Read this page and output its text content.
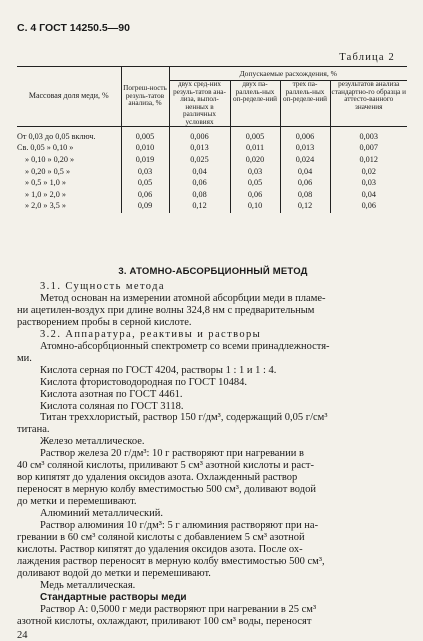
С. 4 ГОСТ 14250.5—90
Таблица 2
Массовая доля меди, %	Погреш-ность резуль-татов анализа, %	Допускаемые расхождения, %			
		двух сред-них резуль-татов ана-лиза, выпол-ненных в различных условиях	двух па-раллель-ных оп-ределе-ний	трех па-раллель-ных оп-ределе-ний	результатов анализа стандартно-го образца и аттесто-ванного значения
От 0,03 до 0,05 включ.	0,005	0,006	0,005	0,006	0,003
Св. 0,05 » 0,10 »	0,010	0,013	0,011	0,013	0,007
» 0,10 » 0,20 »	0,019	0,025	0,020	0,024	0,012
» 0,20 » 0,5 »	0,03	0,04	0,03	0,04	0,02
» 0,5 » 1,0 »	0,05	0,06	0,05	0,06	0,03
» 1,0 » 2,0 »	0,06	0,08	0,06	0,08	0,04
» 2,0 » 3,5 »	0,09	0,12	0,10	0,12	0,06
3. АТОМНО-АБСОРБЦИОННЫЙ МЕТОД
3.1. Сущность метода
Метод основан на измерении атомной абсорбции меди в пламе-
ни ацетилен-воздух при длине волны 324,8 нм с предварительным
растворением пробы в серной кислоте.
3.2. Аппаратура, реактивы и растворы
Атомно-абсорбционный спектрометр со всеми принадлежностя-
ми.
Кислота серная по ГОСТ 4204, растворы 1 : 1 и 1 : 4.
Кислота фтористоводородная по ГОСТ 10484.
Кислота азотная по ГОСТ 4461.
Кислота соляная по ГОСТ 3118.
Титан треххлористый, раствор 150 г/дм³, содержащий 0,05 г/см³
титана.
Железо металлическое.
Раствор железа 20 г/дм³: 10 г растворяют при нагревании в
40 см³ соляной кислоты, приливают 5 см³ азотной кислоты и раст-
вор кипятят до удаления оксидов азота. Охлажденный раствор
переносят в мерную колбу вместимостью 500 см³, доливают водой
до метки и перемешивают.
Алюминий металлический.
Раствор алюминия 10 г/дм³: 5 г алюминия растворяют при на-
гревании в 60 см³ соляной кислоты с добавлением 5 см³ азотной
кислоты. Раствор кипятят до удаления оксидов азота. После ох-
лаждения раствор переносят в мерную колбу вместимостью 500 см³,
доливают водой до метки и перемешивают.
Медь металлическая.
Стандартные растворы меди
Раствор А: 0,5000 г меди растворяют при нагревании в 25 см³
азотной кислоты, охлаждают, приливают 100 см³ воды, переносят
24
